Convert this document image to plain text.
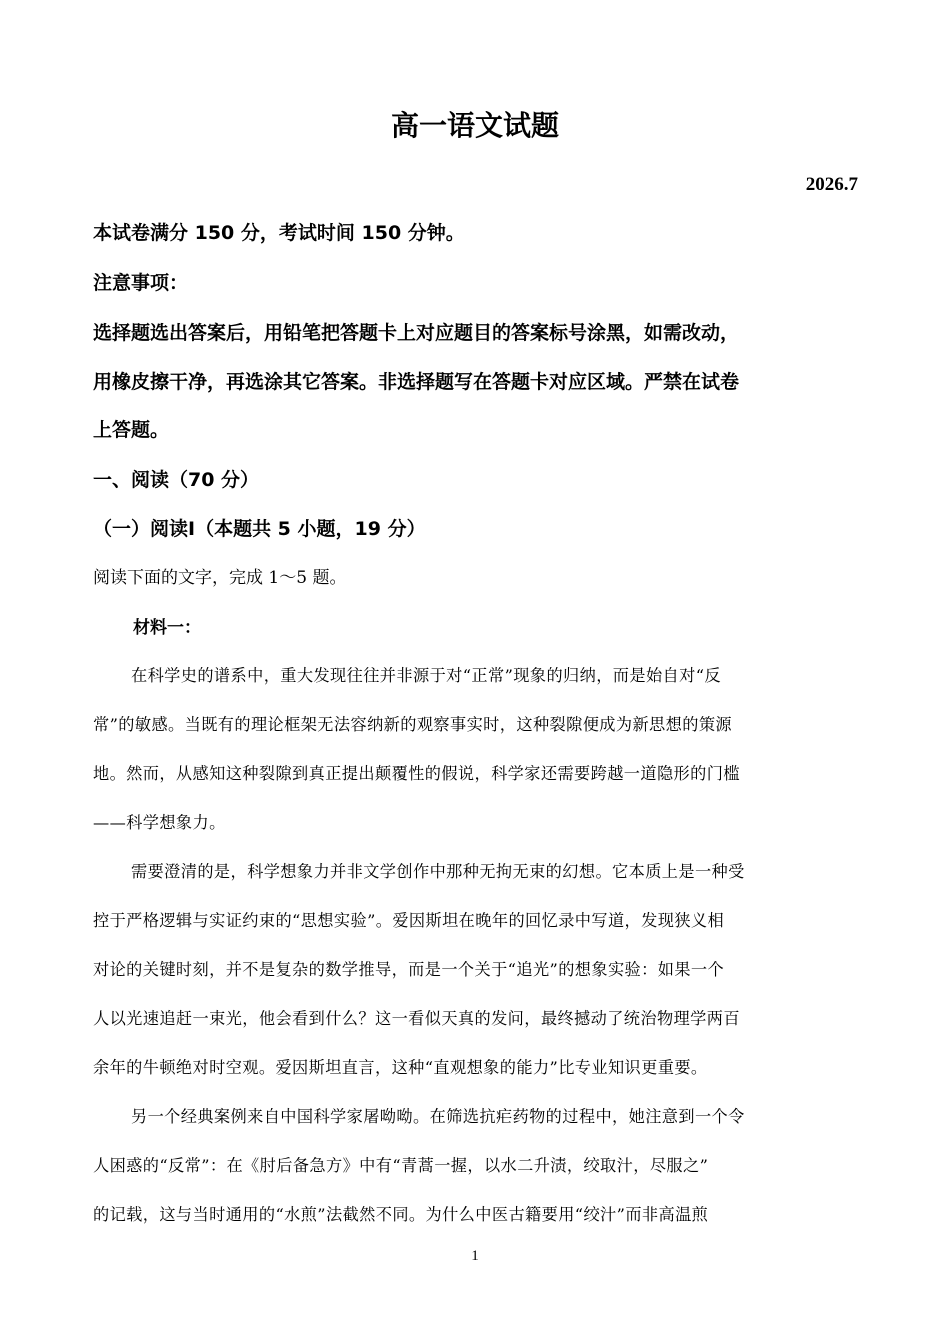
高一语文试题
2026.7
本试卷满分 150 分，考试时间 150 分钟。
注意事项：
选择题选出答案后，用铅笔把答题卡上对应题目的答案标号涂黑，如需改动，
用橡皮擦干净，再选涂其它答案。非选择题写在答题卡对应区域。严禁在试卷
上答题。
一、阅读（70 分）
（一）阅读Ⅰ（本题共 5 小题，19 分）
阅读下面的文字，完成 1～5 题。
材料一：
在科学史的谱系中，重大发现往往并非源于对“正常”现象的归纳，而是始自对“反
常”的敏感。当既有的理论框架无法容纳新的观察事实时，这种裂隙便成为新思想的策源
地。然而，从感知这种裂隙到真正提出颠覆性的假说，科学家还需要跨越一道隐形的门槛
——科学想象力。
需要澄清的是，科学想象力并非文学创作中那种无拘无束的幻想。它本质上是一种受
控于严格逻辑与实证约束的“思想实验”。爱因斯坦在晚年的回忆录中写道，发现狭义相
对论的关键时刻，并不是复杂的数学推导，而是一个关于“追光”的想象实验：如果一个
人以光速追赶一束光，他会看到什么？这一看似天真的发问，最终撼动了统治物理学两百
余年的牛顿绝对时空观。爱因斯坦直言，这种“直观想象的能力”比专业知识更重要。
另一个经典案例来自中国科学家屠呦呦。在筛选抗疟药物的过程中，她注意到一个令
人困惑的“反常”：在《肘后备急方》中有“青蒿一握，以水二升渍，绞取汁，尽服之”
的记载，这与当时通用的“水煎”法截然不同。为什么中医古籍要用“绞汁”而非高温煎
1
